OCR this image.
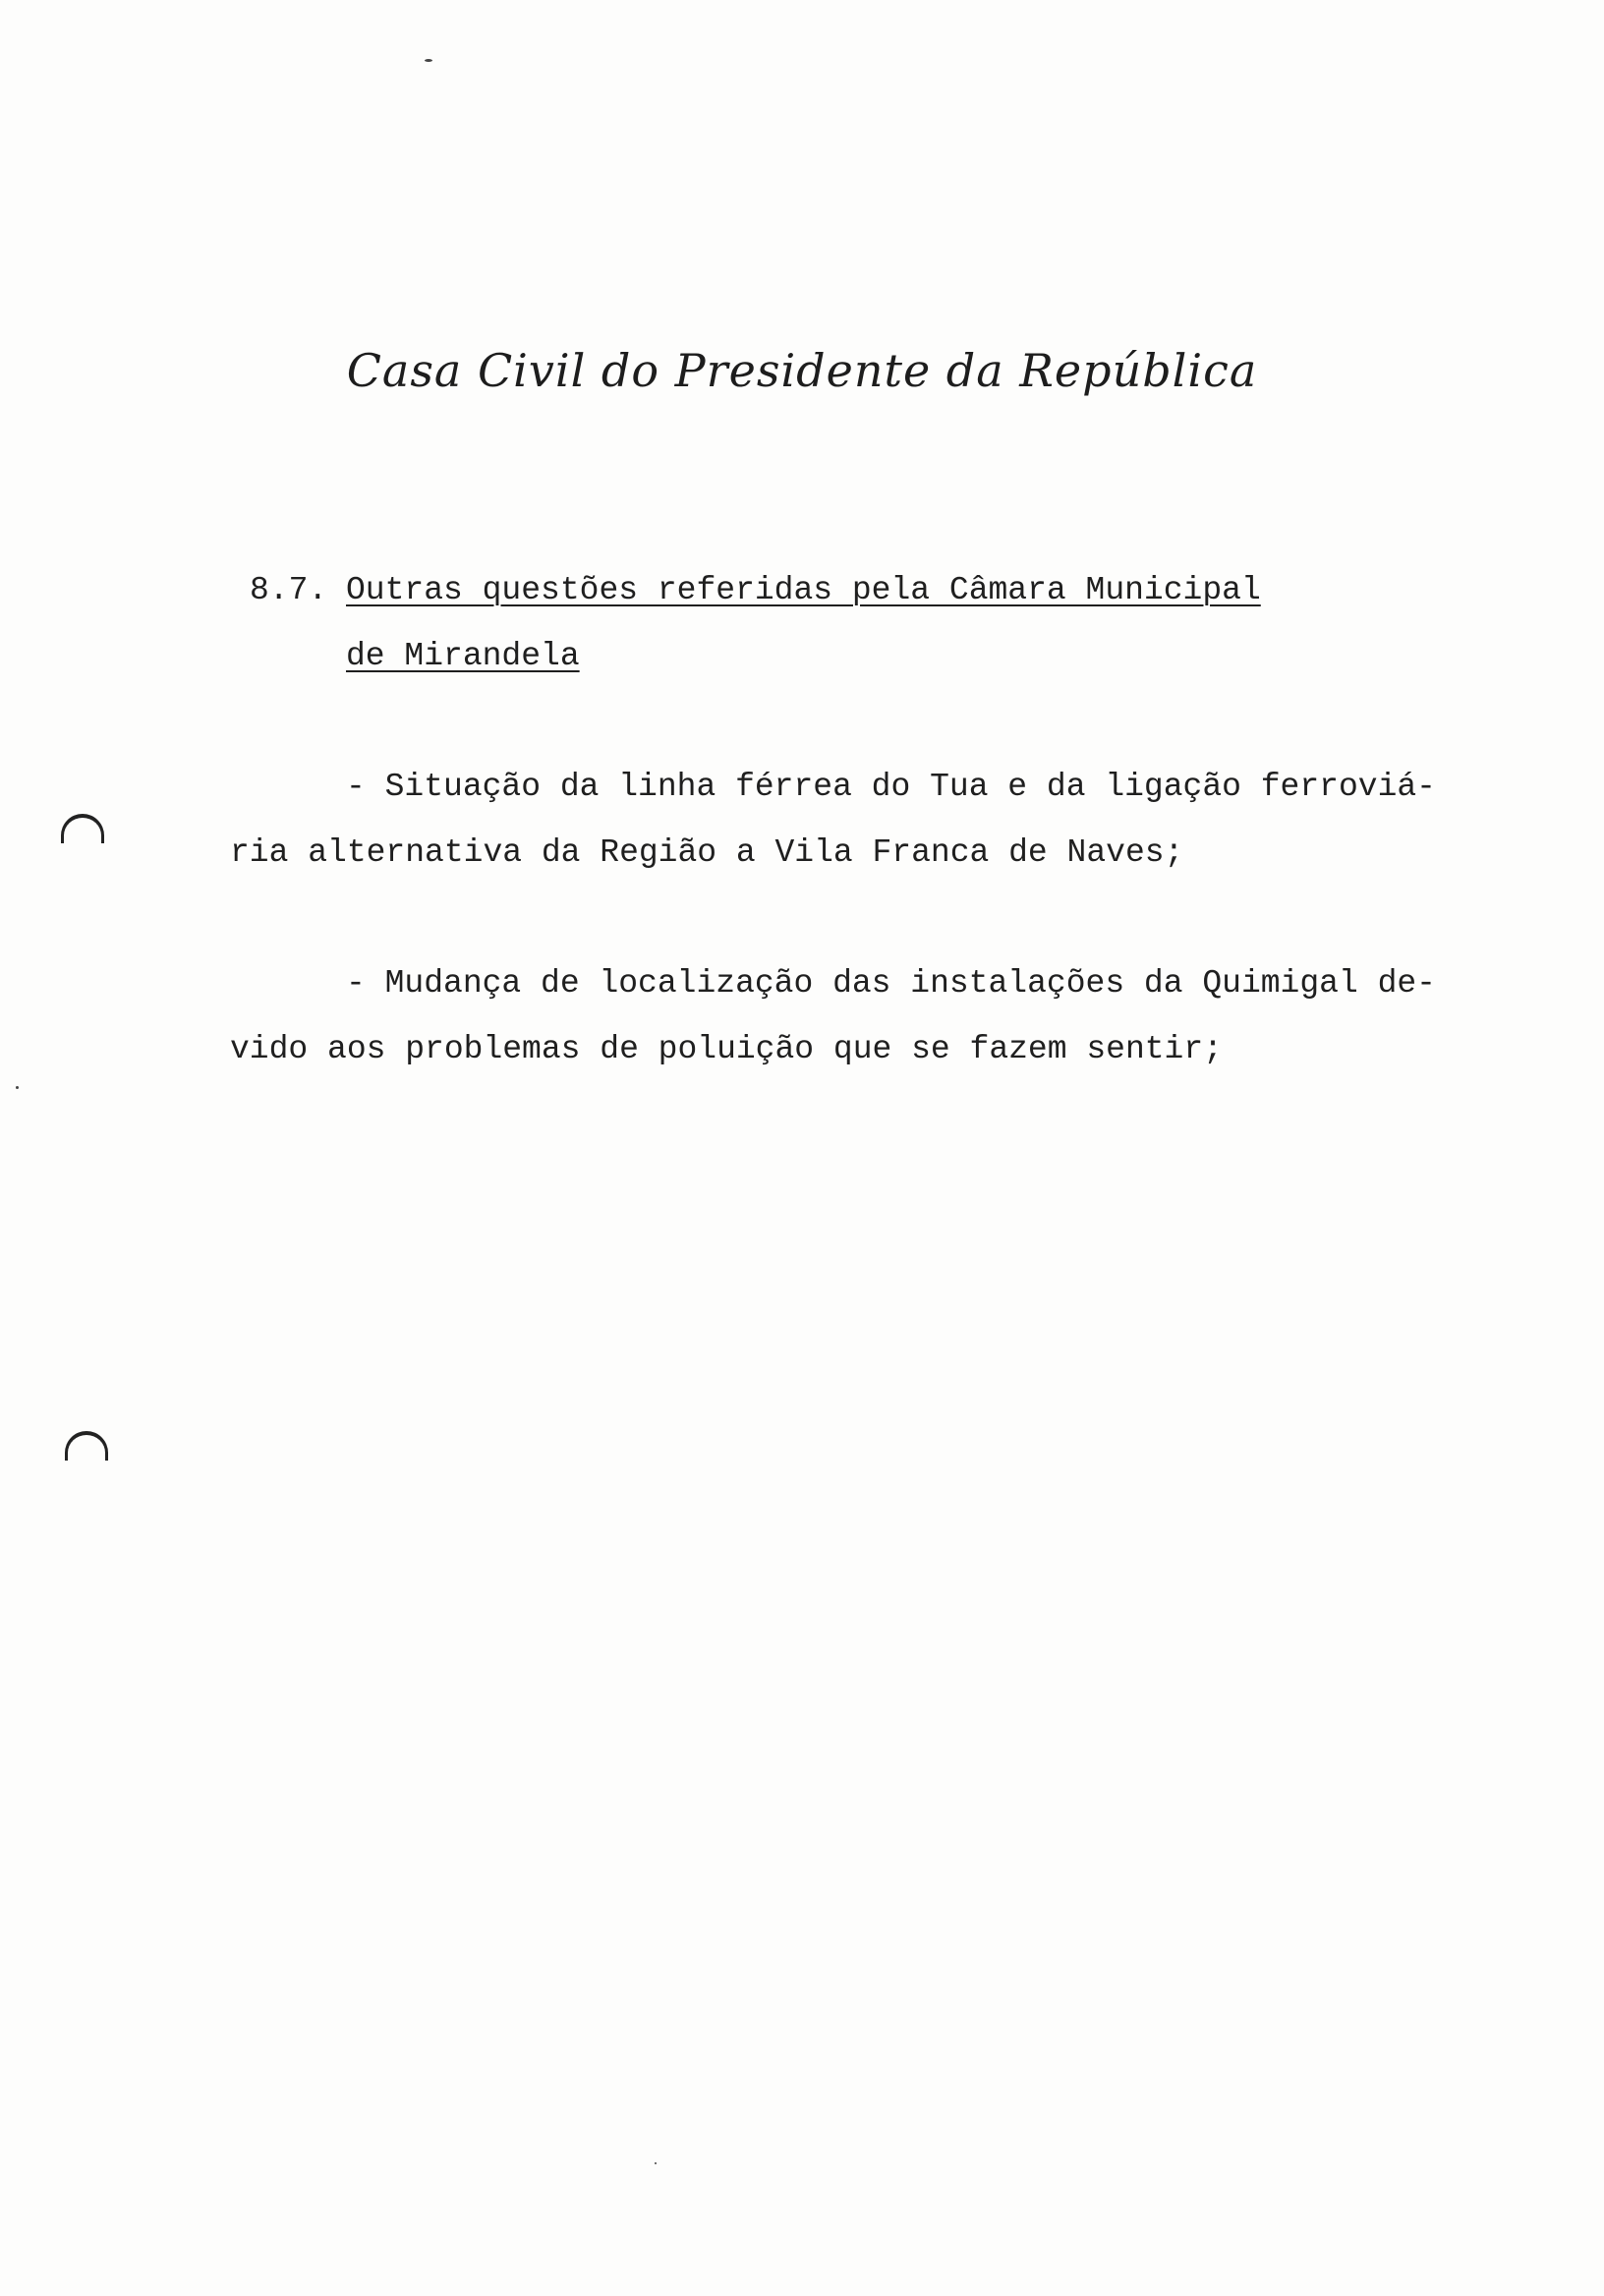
Casa Civil do Presidente da República
8.7. Outras questões referidas pela Câmara Municipal
de Mirandela
- Situação da linha férrea do Tua e da ligação ferroviá-
ria alternativa da Região a Vila Franca de Naves;
- Mudança de localização das instalações da Quimigal de-
vido aos problemas de poluição que se fazem sentir;
